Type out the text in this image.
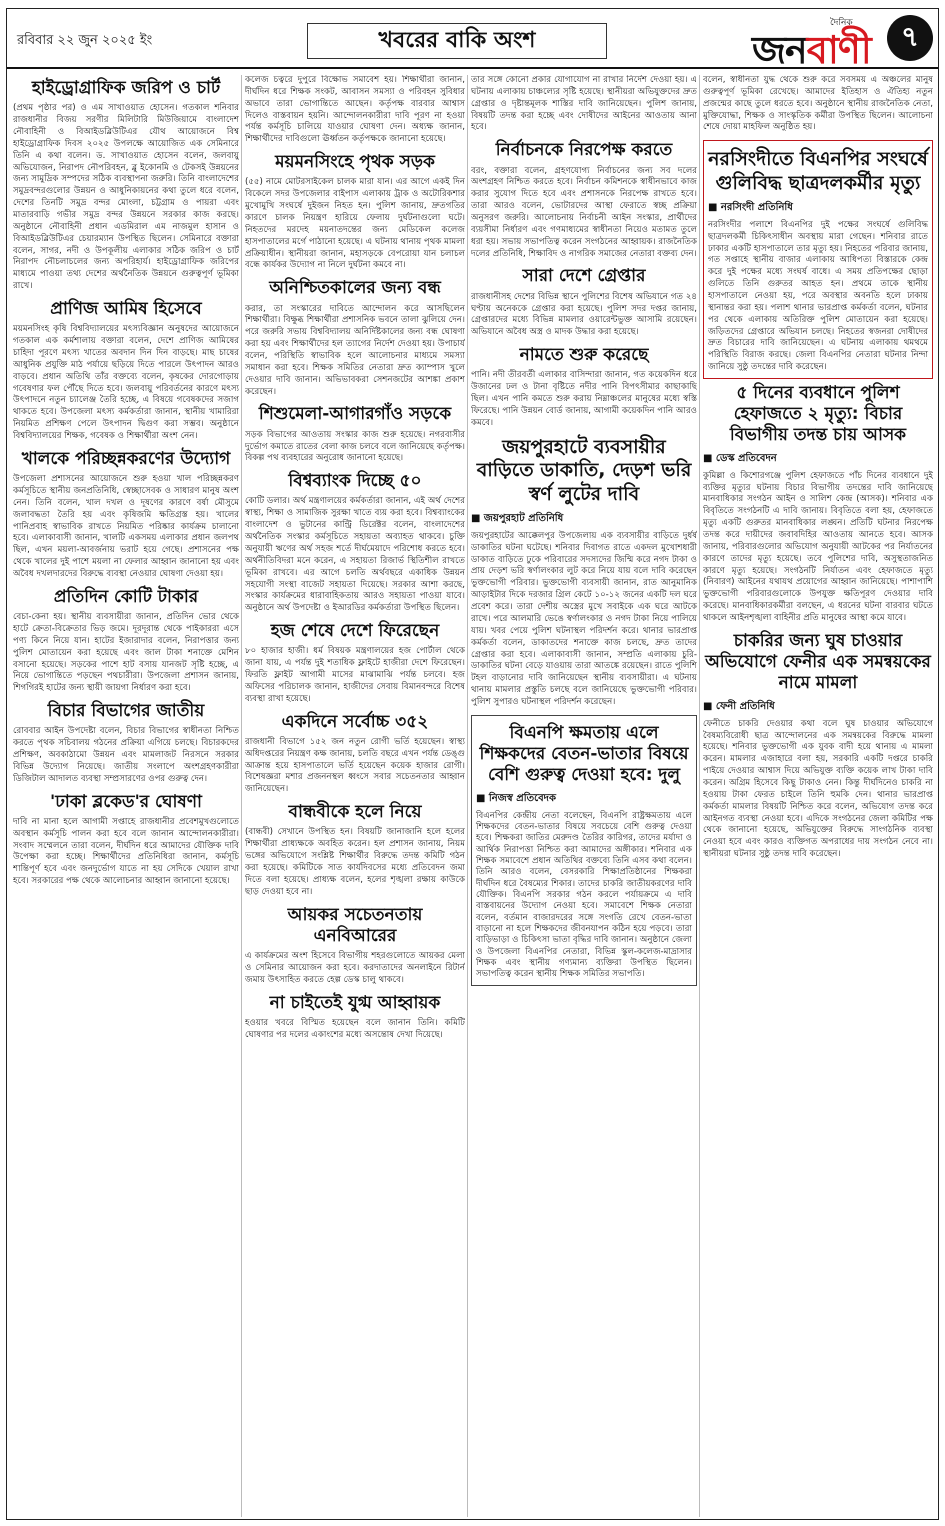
রবিবার ২২ জুন ২০২৫ ইং	খবরের বাকি অংশ
দৈনিক
জনবাণী	৭
হাইড্রোগ্রাফিক জরিপ ও চার্ট
(প্রথম পৃষ্ঠার পর) ও এম সাখাওয়াত হোসেন। গতকাল শনিবার রাজধানীর বিজয় সরণীর মিলিটারি মিউজিয়ামে বাংলাদেশ নৌবাহিনী ও বিআইডব্লিউটিএর যৌথ আয়োজনে বিশ্ব হাইড্রোগ্রাফিক দিবস ২০২৫ উপলক্ষে আয়োজিত এক সেমিনারে তিনি এ কথা বলেন। ড. সাখাওয়াত হোসেন বলেন, জলবায়ু অভিযোজন, নিরাপদ নৌপরিবহন, ব্লু ইকোনমি ও টেকসই উন্নয়নের জন্য সামুদ্রিক সম্পদের সঠিক ব্যবস্থাপনা জরুরি। তিনি বাংলাদেশের সমুদ্রবন্দরগুলোর উন্নয়ন ও আধুনিকায়নের কথা তুলে ধরে বলেন, দেশের তিনটি সমুদ্র বন্দর মোংলা, চট্টগ্রাম ও পায়রা এবং মাতারবাড়ি গভীর সমুদ্র বন্দর উন্নয়নে সরকার কাজ করছে। অনুষ্ঠানে নৌবাহিনী প্রধান এডমিরাল এম নাজমুল হাসান ও বিআইডব্লিউটিএর চেয়ারম্যান উপস্থিত ছিলেন। সেমিনারে বক্তারা বলেন, সাগর, নদী ও উপকূলীয় এলাকার সঠিক জরিপ ও চার্ট নিরাপদ নৌচলাচলের জন্য অপরিহার্য। হাইড্রোগ্রাফিক জরিপের মাধ্যমে পাওয়া তথ্য দেশের অর্থনৈতিক উন্নয়নে গুরুত্বপূর্ণ ভূমিকা রাখে।
প্রাণিজ আমিষ হিসেবে
ময়মনসিংহ কৃষি বিশ্ববিদ্যালয়ের মৎস্যবিজ্ঞান অনুষদের আয়োজনে গতকাল এক কর্মশালায় বক্তারা বলেন, দেশে প্রাণিজ আমিষের চাহিদা পূরণে মৎস্য খাতের অবদান দিন দিন বাড়ছে। মাছ চাষের আধুনিক প্রযুক্তি মাঠ পর্যায়ে ছড়িয়ে দিতে পারলে উৎপাদন আরও বাড়বে। প্রধান অতিথি তাঁর বক্তব্যে বলেন, কৃষকের দোরগোড়ায় গবেষণার ফল পৌঁছে দিতে হবে। জলবায়ু পরিবর্তনের কারণে মৎস্য উৎপাদনে নতুন চ্যালেঞ্জ তৈরি হচ্ছে, এ বিষয়ে গবেষকদের সজাগ থাকতে হবে। উপজেলা মৎস্য কর্মকর্তারা জানান, স্থানীয় খামারিরা নিয়মিত প্রশিক্ষণ পেলে উৎপাদন দ্বিগুণ করা সম্ভব। অনুষ্ঠানে বিশ্ববিদ্যালয়ের শিক্ষক, গবেষক ও শিক্ষার্থীরা অংশ নেন।
খালকে পরিচ্ছন্নকরণের উদ্যোগ
উপজেলা প্রশাসনের আয়োজনে শুরু হওয়া খাল পরিচ্ছন্নকরণ কর্মসূচিতে স্থানীয় জনপ্রতিনিধি, স্বেচ্ছাসেবক ও সাধারণ মানুষ অংশ নেন। তিনি বলেন, খাল দখল ও দূষণের কারণে বর্ষা মৌসুমে জলাবদ্ধতা তৈরি হয় এবং কৃষিজমি ক্ষতিগ্রস্ত হয়। খালের পানিপ্রবাহ স্বাভাবিক রাখতে নিয়মিত পরিষ্কার কার্যক্রম চালানো হবে। এলাকাবাসী জানান, খালটি একসময় এলাকার প্রধান জলপথ ছিল, এখন ময়লা-আবর্জনায় ভরাট হয়ে গেছে। প্রশাসনের পক্ষ থেকে খালের দুই পাশে ময়লা না ফেলার আহ্বান জানানো হয় এবং অবৈধ দখলদারদের বিরুদ্ধে ব্যবস্থা নেওয়ার ঘোষণা দেওয়া হয়।
প্রতিদিন কোটি টাকার
বেচা-কেনা হয়। স্থানীয় ব্যবসায়ীরা জানান, প্রতিদিন ভোর থেকে হাটে ক্রেতা-বিক্রেতার ভিড় জমে। দূরদূরান্ত থেকে পাইকাররা এসে পণ্য কিনে নিয়ে যান। হাটের ইজারাদার বলেন, নিরাপত্তার জন্য পুলিশ মোতায়েন করা হয়েছে এবং জাল টাকা শনাক্তে মেশিন বসানো হয়েছে। সড়কের পাশে হাট বসায় যানজট সৃষ্টি হচ্ছে, এ নিয়ে ভোগান্তিতে পড়ছেন পথচারীরা। উপজেলা প্রশাসন জানায়, শিগগিরই হাটের জন্য স্থায়ী জায়গা নির্ধারণ করা হবে।
বিচার বিভাগের জাতীয়
রোববার আইন উপদেষ্টা বলেন, বিচার বিভাগের স্বাধীনতা নিশ্চিত করতে পৃথক সচিবালয় গঠনের প্রক্রিয়া এগিয়ে চলছে। বিচারকদের প্রশিক্ষণ, অবকাঠামো উন্নয়ন এবং মামলাজট নিরসনে সরকার বিভিন্ন উদ্যোগ নিয়েছে। জাতীয় সংলাপে অংশগ্রহণকারীরা ডিজিটাল আদালত ব্যবস্থা সম্প্রসারণের ওপর গুরুত্ব দেন।
'ঢাকা ব্লকেড'র ঘোষণা
দাবি না মানা হলে আগামী সপ্তাহে রাজধানীর প্রবেশমুখগুলোতে অবস্থান কর্মসূচি পালন করা হবে বলে জানান আন্দোলনকারীরা। সংবাদ সম্মেলনে তারা বলেন, দীর্ঘদিন ধরে আমাদের যৌক্তিক দাবি উপেক্ষা করা হচ্ছে। শিক্ষার্থীদের প্রতিনিধিরা জানান, কর্মসূচি শান্তিপূর্ণ হবে এবং জনদুর্ভোগ যাতে না হয় সেদিকে খেয়াল রাখা হবে। সরকারের পক্ষ থেকে আলোচনার আহ্বান জানানো হয়েছে।
কলেজ চত্বরে দুপুরে বিক্ষোভ সমাবেশ হয়। শিক্ষার্থীরা জানান, দীর্ঘদিন ধরে শিক্ষক সংকট, আবাসন সমস্যা ও পরিবহন সুবিধার অভাবে তারা ভোগান্তিতে আছেন। কর্তৃপক্ষ বারবার আশ্বাস দিলেও বাস্তবায়ন হয়নি। আন্দোলনকারীরা দাবি পূরণ না হওয়া পর্যন্ত কর্মসূচি চালিয়ে যাওয়ার ঘোষণা দেন। অধ্যক্ষ জানান, শিক্ষার্থীদের দাবিগুলো ঊর্ধ্বতন কর্তৃপক্ষকে জানানো হয়েছে।
ময়মনসিংহে পৃথক সড়ক
(৫৫) নামে মোটরসাইকেল চালক মারা যান। এর আগে একই দিন বিকেলে সদর উপজেলার বাইপাস এলাকায় ট্রাক ও অটোরিকশার মুখোমুখি সংঘর্ষে দুইজন নিহত হন। পুলিশ জানায়, দ্রুতগতির কারণে চালক নিয়ন্ত্রণ হারিয়ে ফেলায় দুর্ঘটনাগুলো ঘটে। নিহতদের মরদেহ ময়নাতদন্তের জন্য মেডিকেল কলেজ হাসপাতালের মর্গে পাঠানো হয়েছে। এ ঘটনায় থানায় পৃথক মামলা প্রক্রিয়াধীন। স্থানীয়রা জানান, মহাসড়কে বেপরোয়া যান চলাচল বন্ধে কার্যকর উদ্যোগ না নিলে দুর্ঘটনা কমবে না।
অনিশ্চিতকালের জন্য বন্ধ
করার, তা সংস্কারের দাবিতে আন্দোলন করে আসছিলেন শিক্ষার্থীরা। বিক্ষুব্ধ শিক্ষার্থীরা প্রশাসনিক ভবনে তালা ঝুলিয়ে দেন। পরে জরুরি সভায় বিশ্ববিদ্যালয় অনির্দিষ্টকালের জন্য বন্ধ ঘোষণা করা হয় এবং শিক্ষার্থীদের হল ত্যাগের নির্দেশ দেওয়া হয়। উপাচার্য বলেন, পরিস্থিতি স্বাভাবিক হলে আলোচনার মাধ্যমে সমস্যা সমাধান করা হবে। শিক্ষক সমিতির নেতারা দ্রুত ক্যাম্পাস খুলে দেওয়ার দাবি জানান। অভিভাবকরা সেশনজটের আশঙ্কা প্রকাশ করেছেন।
শিশুমেলা-আগারগাঁও সড়কে
সড়ক বিভাগের আওতায় সংস্কার কাজ শুরু হয়েছে। নগরবাসীর দুর্ভোগ কমাতে রাতের বেলা কাজ চলবে বলে জানিয়েছে কর্তৃপক্ষ। বিকল্প পথ ব্যবহারের অনুরোধ জানানো হয়েছে।
বিশ্বব্যাংক দিচ্ছে ৫০
কোটি ডলার। অর্থ মন্ত্রণালয়ের কর্মকর্তারা জানান, এই অর্থ দেশের স্বাস্থ্য, শিক্ষা ও সামাজিক সুরক্ষা খাতে ব্যয় করা হবে। বিশ্বব্যাংকের বাংলাদেশ ও ভুটানের কান্ট্রি ডিরেক্টর বলেন, বাংলাদেশের অর্থনৈতিক সংস্কার কর্মসূচিতে সহায়তা অব্যাহত থাকবে। চুক্তি অনুযায়ী ঋণের অর্থ সহজ শর্তে দীর্ঘমেয়াদে পরিশোধ করতে হবে। অর্থনীতিবিদরা মনে করেন, এ সহায়তা রিজার্ভ স্থিতিশীল রাখতে ভূমিকা রাখবে। এর আগে চলতি অর্থবছরে একাধিক উন্নয়ন সহযোগী সংস্থা বাজেট সহায়তা দিয়েছে। সরকার আশা করছে, সংস্কার কার্যক্রমের ধারাবাহিকতায় আরও সহায়তা পাওয়া যাবে। অনুষ্ঠানে অর্থ উপদেষ্টা ও ইআরডির কর্মকর্তারা উপস্থিত ছিলেন।
হজ শেষে দেশে ফিরেছেন
৮০ হাজার হাজী। ধর্ম বিষয়ক মন্ত্রণালয়ের হজ পোর্টাল থেকে জানা যায়, এ পর্যন্ত দুই শতাধিক ফ্লাইটে হাজীরা দেশে ফিরেছেন। ফিরতি ফ্লাইট আগামী মাসের মাঝামাঝি পর্যন্ত চলবে। হজ অফিসের পরিচালক জানান, হাজীদের সেবায় বিমানবন্দরে বিশেষ ব্যবস্থা রাখা হয়েছে।
একদিনে সর্বোচ্চ ৩৫২
রাজধানী বিভাগে ১৫২ জন নতুন রোগী ভর্তি হয়েছেন। স্বাস্থ্য অধিদপ্তরের নিয়ন্ত্রণ কক্ষ জানায়, চলতি বছরে এখন পর্যন্ত ডেঙ্গু আক্রান্ত হয়ে হাসপাতালে ভর্তি হয়েছেন কয়েক হাজার রোগী। বিশেষজ্ঞরা মশার প্রজননস্থল ধ্বংসে সবার সচেতনতার আহ্বান জানিয়েছেন।
বান্ধবীকে হলে নিয়ে
(বান্ধবী) সেখানে উপস্থিত হন। বিষয়টি জানাজানি হলে হলের শিক্ষার্থীরা প্রাধ্যক্ষকে অবহিত করেন। হল প্রশাসন জানায়, নিয়ম ভঙ্গের অভিযোগে সংশ্লিষ্ট শিক্ষার্থীর বিরুদ্ধে তদন্ত কমিটি গঠন করা হয়েছে। কমিটিকে সাত কার্যদিবসের মধ্যে প্রতিবেদন জমা দিতে বলা হয়েছে। প্রাধ্যক্ষ বলেন, হলের শৃঙ্খলা রক্ষায় কাউকে ছাড় দেওয়া হবে না।
আয়কর সচেতনতায় এনবিআরের
এ কার্যক্রমের অংশ হিসেবে বিভাগীয় শহরগুলোতে আয়কর মেলা ও সেমিনার আয়োজন করা হবে। করদাতাদের অনলাইনে রিটার্ন জমায় উৎসাহিত করতে হেল্প ডেস্ক চালু থাকবে।
না চাইতেই যুগ্ম আহ্বায়ক
হওয়ার খবরে বিস্মিত হয়েছেন বলে জানান তিনি। কমিটি ঘোষণার পর দলের একাংশের মধ্যে অসন্তোষ দেখা দিয়েছে।
তার সঙ্গে কোনো প্রকার যোগাযোগ না রাখার নির্দেশ দেওয়া হয়। এ ঘটনায় এলাকায় চাঞ্চল্যের সৃষ্টি হয়েছে। স্থানীয়রা অভিযুক্তদের দ্রুত গ্রেপ্তার ও দৃষ্টান্তমূলক শাস্তির দাবি জানিয়েছেন। পুলিশ জানায়, বিষয়টি তদন্ত করা হচ্ছে এবং দোষীদের আইনের আওতায় আনা হবে।
নির্বাচনকে নিরপেক্ষ করতে
বরং, বক্তারা বলেন, গ্রহণযোগ্য নির্বাচনের জন্য সব দলের অংশগ্রহণ নিশ্চিত করতে হবে। নির্বাচন কমিশনকে স্বাধীনভাবে কাজ করার সুযোগ দিতে হবে এবং প্রশাসনকে নিরপেক্ষ রাখতে হবে। তারা আরও বলেন, ভোটারদের আস্থা ফেরাতে স্বচ্ছ প্রক্রিয়া অনুসরণ জরুরি। আলোচনায় নির্বাচনী আইন সংস্কার, প্রার্থীদের ব্যয়সীমা নির্ধারণ এবং গণমাধ্যমের স্বাধীনতা নিয়েও মতামত তুলে ধরা হয়। সভায় সভাপতিত্ব করেন সংগঠনের আহ্বায়ক। রাজনৈতিক দলের প্রতিনিধি, শিক্ষাবিদ ও নাগরিক সমাজের নেতারা বক্তব্য দেন।
সারা দেশে গ্রেপ্তার
রাজধানীসহ দেশের বিভিন্ন স্থানে পুলিশের বিশেষ অভিযানে গত ২৪ ঘণ্টায় অনেককে গ্রেপ্তার করা হয়েছে। পুলিশ সদর দপ্তর জানায়, গ্রেপ্তারদের মধ্যে বিভিন্ন মামলার ওয়ারেন্টভুক্ত আসামি রয়েছেন। অভিযানে অবৈধ অস্ত্র ও মাদক উদ্ধার করা হয়েছে।
নামতে শুরু করেছে
পানি। নদী তীরবর্তী এলাকার বাসিন্দারা জানান, গত কয়েকদিন ধরে উজানের ঢল ও টানা বৃষ্টিতে নদীর পানি বিপৎসীমার কাছাকাছি ছিল। এখন পানি কমতে শুরু করায় নিম্নাঞ্চলের মানুষের মধ্যে স্বস্তি ফিরেছে। পানি উন্নয়ন বোর্ড জানায়, আগামী কয়েকদিন পানি আরও কমবে।
জয়পুরহাটে ব্যবসায়ীর বাড়িতে ডাকাতি, দেড়শ ভরি স্বর্ণ লুটের দাবি
■ জয়পুরহাট প্রতিনিধি
জয়পুরহাটের আক্কেলপুর উপজেলায় এক ব্যবসায়ীর বাড়িতে দুর্ধর্ষ ডাকাতির ঘটনা ঘটেছে। শনিবার দিবাগত রাতে একদল মুখোশধারী ডাকাত বাড়িতে ঢুকে পরিবারের সদস্যদের জিম্মি করে নগদ টাকা ও প্রায় দেড়শ ভরি স্বর্ণালংকার লুট করে নিয়ে যায় বলে দাবি করেছেন ভুক্তভোগী পরিবার। ভুক্তভোগী ব্যবসায়ী জানান, রাত আনুমানিক আড়াইটার দিকে দরজার গ্রিল কেটে ১০-১২ জনের একটি দল ঘরে প্রবেশ করে। তারা দেশীয় অস্ত্রের মুখে সবাইকে এক ঘরে আটকে রাখে। পরে আলমারি ভেঙে স্বর্ণালংকার ও নগদ টাকা নিয়ে পালিয়ে যায়। খবর পেয়ে পুলিশ ঘটনাস্থল পরিদর্শন করে। থানার ভারপ্রাপ্ত কর্মকর্তা বলেন, ডাকাতদের শনাক্তে কাজ চলছে, দ্রুত তাদের গ্রেপ্তার করা হবে। এলাকাবাসী জানান, সম্প্রতি এলাকায় চুরি-ডাকাতির ঘটনা বেড়ে যাওয়ায় তারা আতঙ্কে রয়েছেন। রাতে পুলিশি টহল বাড়ানোর দাবি জানিয়েছেন স্থানীয় ব্যবসায়ীরা। এ ঘটনায় থানায় মামলার প্রস্তুতি চলছে বলে জানিয়েছে ভুক্তভোগী পরিবার। পুলিশ সুপারও ঘটনাস্থল পরিদর্শন করেছেন।
বিএনপি ক্ষমতায় এলে শিক্ষকদের বেতন-ভাতার বিষয়ে বেশি গুরুত্ব দেওয়া হবে: দুলু
■ নিজস্ব প্রতিবেদক
বিএনপির কেন্দ্রীয় নেতা বলেছেন, বিএনপি রাষ্ট্রক্ষমতায় এলে শিক্ষকদের বেতন-ভাতার বিষয়ে সবচেয়ে বেশি গুরুত্ব দেওয়া হবে। শিক্ষকরা জাতির মেরুদণ্ড তৈরির কারিগর, তাদের মর্যাদা ও আর্থিক নিরাপত্তা নিশ্চিত করা আমাদের অঙ্গীকার। শনিবার এক শিক্ষক সমাবেশে প্রধান অতিথির বক্তব্যে তিনি এসব কথা বলেন। তিনি আরও বলেন, বেসরকারি শিক্ষাপ্রতিষ্ঠানের শিক্ষকরা দীর্ঘদিন ধরে বৈষম্যের শিকার। তাদের চাকরি জাতীয়করণের দাবি যৌক্তিক। বিএনপি সরকার গঠন করলে পর্যায়ক্রমে এ দাবি বাস্তবায়নের উদ্যোগ নেওয়া হবে। সমাবেশে শিক্ষক নেতারা বলেন, বর্তমান বাজারদরের সঙ্গে সংগতি রেখে বেতন-ভাতা বাড়ানো না হলে শিক্ষকদের জীবনযাপন কঠিন হয়ে পড়বে। তারা বাড়িভাড়া ও চিকিৎসা ভাতা বৃদ্ধির দাবি জানান। অনুষ্ঠানে জেলা ও উপজেলা বিএনপির নেতারা, বিভিন্ন স্কুল-কলেজ-মাদ্রাসার শিক্ষক এবং স্থানীয় গণ্যমান্য ব্যক্তিরা উপস্থিত ছিলেন। সভাপতিত্ব করেন স্থানীয় শিক্ষক সমিতির সভাপতি।
বলেন, স্বাধীনতা যুদ্ধ থেকে শুরু করে সবসময় এ অঞ্চলের মানুষ গুরুত্বপূর্ণ ভূমিকা রেখেছে। আমাদের ইতিহাস ও ঐতিহ্য নতুন প্রজন্মের কাছে তুলে ধরতে হবে। অনুষ্ঠানে স্থানীয় রাজনৈতিক নেতা, মুক্তিযোদ্ধা, শিক্ষক ও সাংস্কৃতিক কর্মীরা উপস্থিত ছিলেন। আলোচনা শেষে দোয়া মাহফিল অনুষ্ঠিত হয়।
নরসিংদীতে বিএনপির সংঘর্ষে গুলিবিদ্ধ ছাত্রদলকর্মীর মৃত্যু
■ নরসিংদী প্রতিনিধি
নরসিংদীর পলাশে বিএনপির দুই পক্ষের সংঘর্ষে গুলিবিদ্ধ ছাত্রদলকর্মী চিকিৎসাধীন অবস্থায় মারা গেছেন। শনিবার রাতে ঢাকার একটি হাসপাতালে তার মৃত্যু হয়। নিহতের পরিবার জানায়, গত সপ্তাহে স্থানীয় বাজার এলাকায় আধিপত্য বিস্তারকে কেন্দ্র করে দুই পক্ষের মধ্যে সংঘর্ষ বাধে। এ সময় প্রতিপক্ষের ছোড়া গুলিতে তিনি গুরুতর আহত হন। প্রথমে তাকে স্থানীয় হাসপাতালে নেওয়া হয়, পরে অবস্থার অবনতি হলে ঢাকায় স্থানান্তর করা হয়। পলাশ থানার ভারপ্রাপ্ত কর্মকর্তা বলেন, ঘটনার পর থেকে এলাকায় অতিরিক্ত পুলিশ মোতায়েন করা হয়েছে। জড়িতদের গ্রেপ্তারে অভিযান চলছে। নিহতের স্বজনরা দোষীদের দ্রুত বিচারের দাবি জানিয়েছেন। এ ঘটনায় এলাকায় থমথমে পরিস্থিতি বিরাজ করছে। জেলা বিএনপির নেতারা ঘটনার নিন্দা জানিয়ে সুষ্ঠু তদন্তের দাবি করেছেন।
৫ দিনের ব্যবধানে পুলিশ হেফাজতে ২ মৃত্যু: বিচার বিভাগীয় তদন্ত চায় আসক
■ ডেস্ক প্রতিবেদন
কুমিল্লা ও কিশোরগঞ্জে পুলিশ হেফাজতে পাঁচ দিনের ব্যবধানে দুই ব্যক্তির মৃত্যুর ঘটনায় বিচার বিভাগীয় তদন্তের দাবি জানিয়েছে মানবাধিকার সংগঠন আইন ও সালিশ কেন্দ্র (আসক)। শনিবার এক বিবৃতিতে সংগঠনটি এ দাবি জানায়। বিবৃতিতে বলা হয়, হেফাজতে মৃত্যু একটি গুরুতর মানবাধিকার লঙ্ঘন। প্রতিটি ঘটনার নিরপেক্ষ তদন্ত করে দায়ীদের জবাবদিহির আওতায় আনতে হবে। আসক জানায়, পরিবারগুলোর অভিযোগ অনুযায়ী আটকের পর নির্যাতনের কারণে তাদের মৃত্যু হয়েছে। তবে পুলিশের দাবি, অসুস্থতাজনিত কারণে মৃত্যু হয়েছে। সংগঠনটি নির্যাতন এবং হেফাজতে মৃত্যু (নিবারণ) আইনের যথাযথ প্রয়োগের আহ্বান জানিয়েছে। পাশাপাশি ভুক্তভোগী পরিবারগুলোকে উপযুক্ত ক্ষতিপূরণ দেওয়ার দাবি করেছে। মানবাধিকারকর্মীরা বলছেন, এ ধরনের ঘটনা বারবার ঘটতে থাকলে আইনশৃঙ্খলা বাহিনীর প্রতি মানুষের আস্থা কমে যাবে।
চাকরির জন্য ঘুষ চাওয়ার অভিযোগে ফেনীর এক সমন্বয়কের নামে মামলা
■ ফেনী প্রতিনিধি
ফেনীতে চাকরি দেওয়ার কথা বলে ঘুষ চাওয়ার অভিযোগে বৈষম্যবিরোধী ছাত্র আন্দোলনের এক সমন্বয়কের বিরুদ্ধে মামলা হয়েছে। শনিবার ভুক্তভোগী এক যুবক বাদী হয়ে থানায় এ মামলা করেন। মামলার এজাহারে বলা হয়, সরকারি একটি দপ্তরে চাকরি পাইয়ে দেওয়ার আশ্বাস দিয়ে অভিযুক্ত ব্যক্তি কয়েক লাখ টাকা দাবি করেন। অগ্রিম হিসেবে কিছু টাকাও নেন। কিন্তু দীর্ঘদিনেও চাকরি না হওয়ায় টাকা ফেরত চাইলে তিনি হুমকি দেন। থানার ভারপ্রাপ্ত কর্মকর্তা মামলার বিষয়টি নিশ্চিত করে বলেন, অভিযোগ তদন্ত করে আইনগত ব্যবস্থা নেওয়া হবে। এদিকে সংগঠনের জেলা কমিটির পক্ষ থেকে জানানো হয়েছে, অভিযুক্তের বিরুদ্ধে সাংগঠনিক ব্যবস্থা নেওয়া হবে এবং কারও ব্যক্তিগত অপরাধের দায় সংগঠন নেবে না। স্থানীয়রা ঘটনার সুষ্ঠু তদন্ত দাবি করেছেন।
